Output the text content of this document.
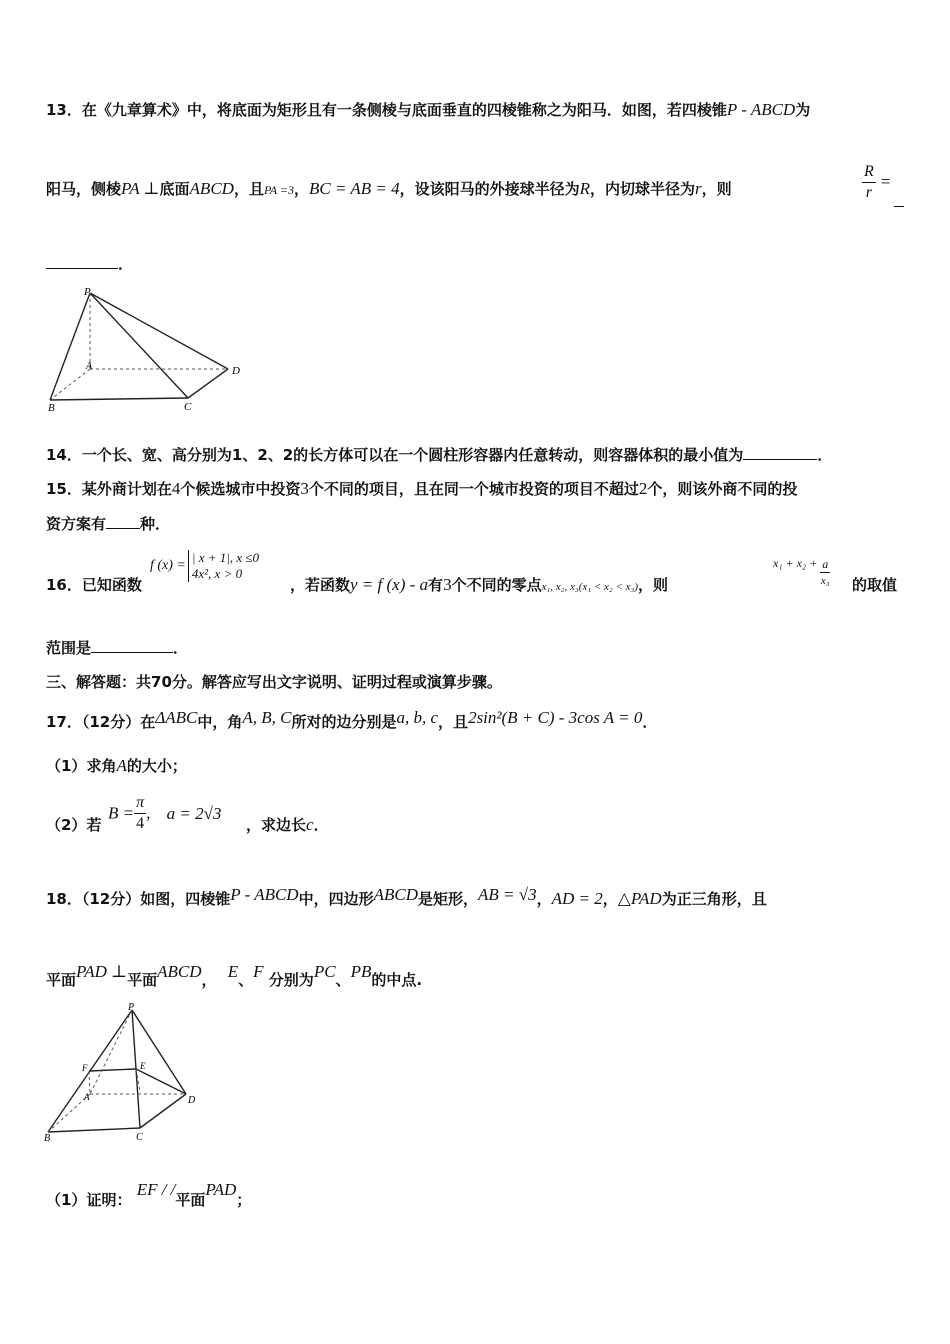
13．在《九章算术》中，将底面为矩形且有一条侧棱与底面垂直的四棱锥称之为阳马．如图，若四棱锥P - ABCD为
阳马，侧棱PA ⊥底面ABCD，且PA =3，BC = AB = 4，设该阳马的外接球半径为R，内切球半径为r，则	$\frac{R}{r}$ =
．
P
A
B	C
D
14．一个长、宽、高分别为1、2、2的长方体可以在一个圆柱形容器内任意转动，则容器体积的最小值为	．
15．某外商计划在4个候选城市中投资3个不同的项目，且在同一个城市投资的项目不超过2个，则该外商不同的投
资方案有 种．
16．已知函数
f (x) =
| x + 1|, x ≤0
4x², x > 0
，若函数y = f (x) - a有3个不同的零点x₁, x₂, x₃(x₁ < x₂ < x₃)，则
$x_1 + x_2 + \frac{a}{\text{x₃}}$ 的取值
范围是	．
三、解答题：共70分。解答应写出文字说明、证明过程或演算步骤。
17．（12分）在ΔABC中，角A, B, C所对的边分别是a, b, c，且2sin²(B + C) - 3cos A = 0．
（1）求角A的大小；
（2）若
$B = \frac{\pi}{4}$ , a = 2√3
，求边长c．
18．（12分）如图，四棱锥P - ABCD中，四边形ABCD是矩形，AB = √3，AD = 2，△PAD为正三角形，且
平面PAD ⊥平面ABCD， E、F 分别为PC、PB的中点.
P
A
B	C
D
E
F
（1）证明： EF / /平面PAD；
